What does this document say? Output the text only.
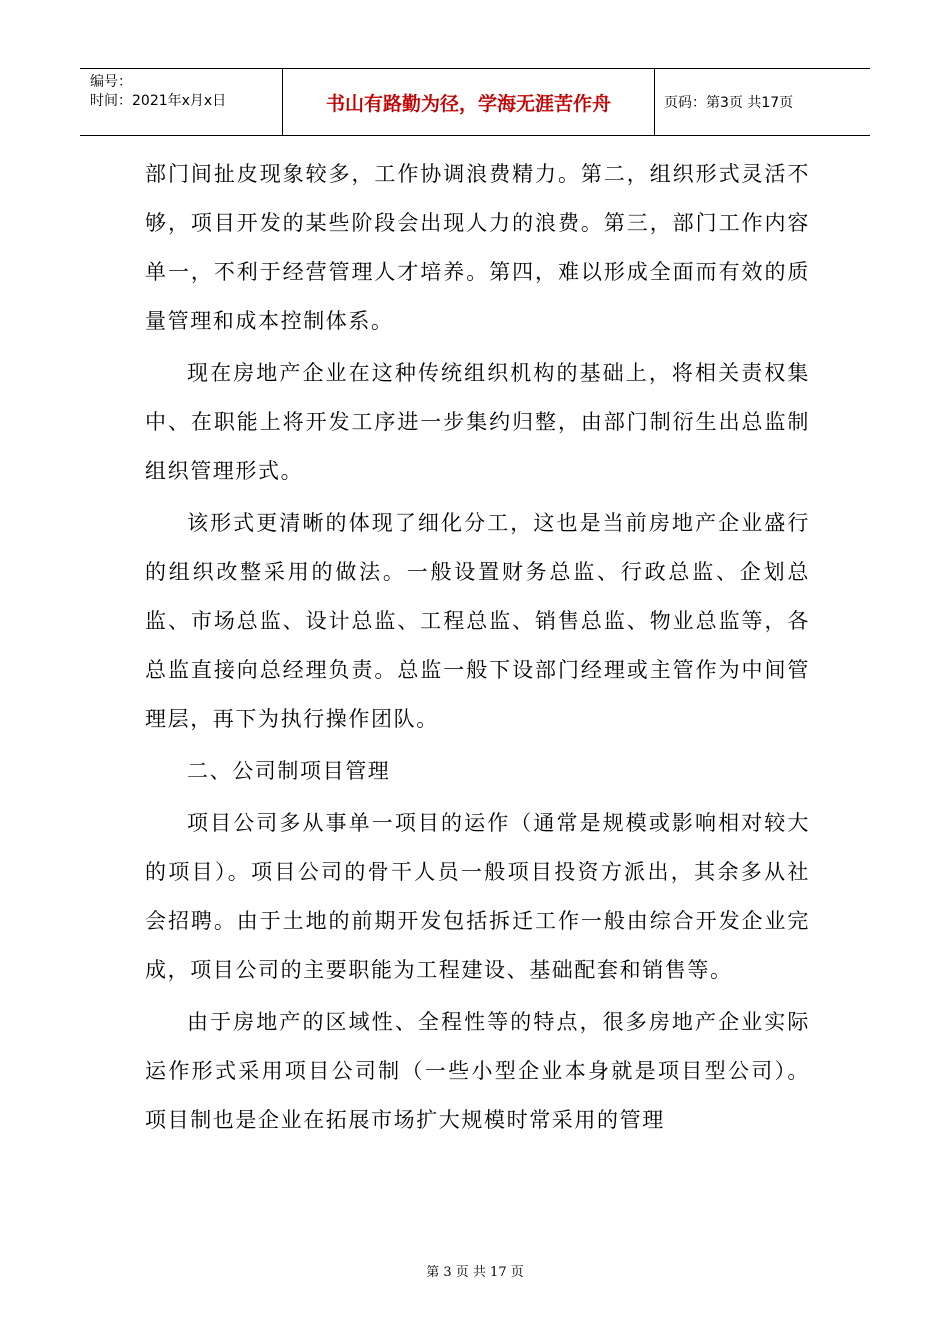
编号：
时间：2021年x月x日	书山有路勤为径，学海无涯苦作舟	页码：第3页 共17页

部门间扯皮现象较多，工作协调浪费精力。第二，组织形式灵活不够，项目开发的某些阶段会出现人力的浪费。第三，部门工作内容单一，不利于经营管理人才培养。第四，难以形成全面而有效的质量管理和成本控制体系。

现在房地产企业在这种传统组织机构的基础上，将相关责权集中、在职能上将开发工序进一步集约归整，由部门制衍生出总监制组织管理形式。

该形式更清晰的体现了细化分工，这也是当前房地产企业盛行的组织改整采用的做法。一般设置财务总监、行政总监、企划总监、市场总监、设计总监、工程总监、销售总监、物业总监等，各总监直接向总经理负责。总监一般下设部门经理或主管作为中间管理层，再下为执行操作团队。

二、公司制项目管理

项目公司多从事单一项目的运作（通常是规模或影响相对较大的项目）。项目公司的骨干人员一般项目投资方派出，其余多从社会招聘。由于土地的前期开发包括拆迁工作一般由综合开发企业完成，项目公司的主要职能为工程建设、基础配套和销售等。

由于房地产的区域性、全程性等的特点，很多房地产企业实际运作形式采用项目公司制（一些小型企业本身就是项目型公司）。项目制也是企业在拓展市场扩大规模时常采用的管理

第 3 页 共 17 页
